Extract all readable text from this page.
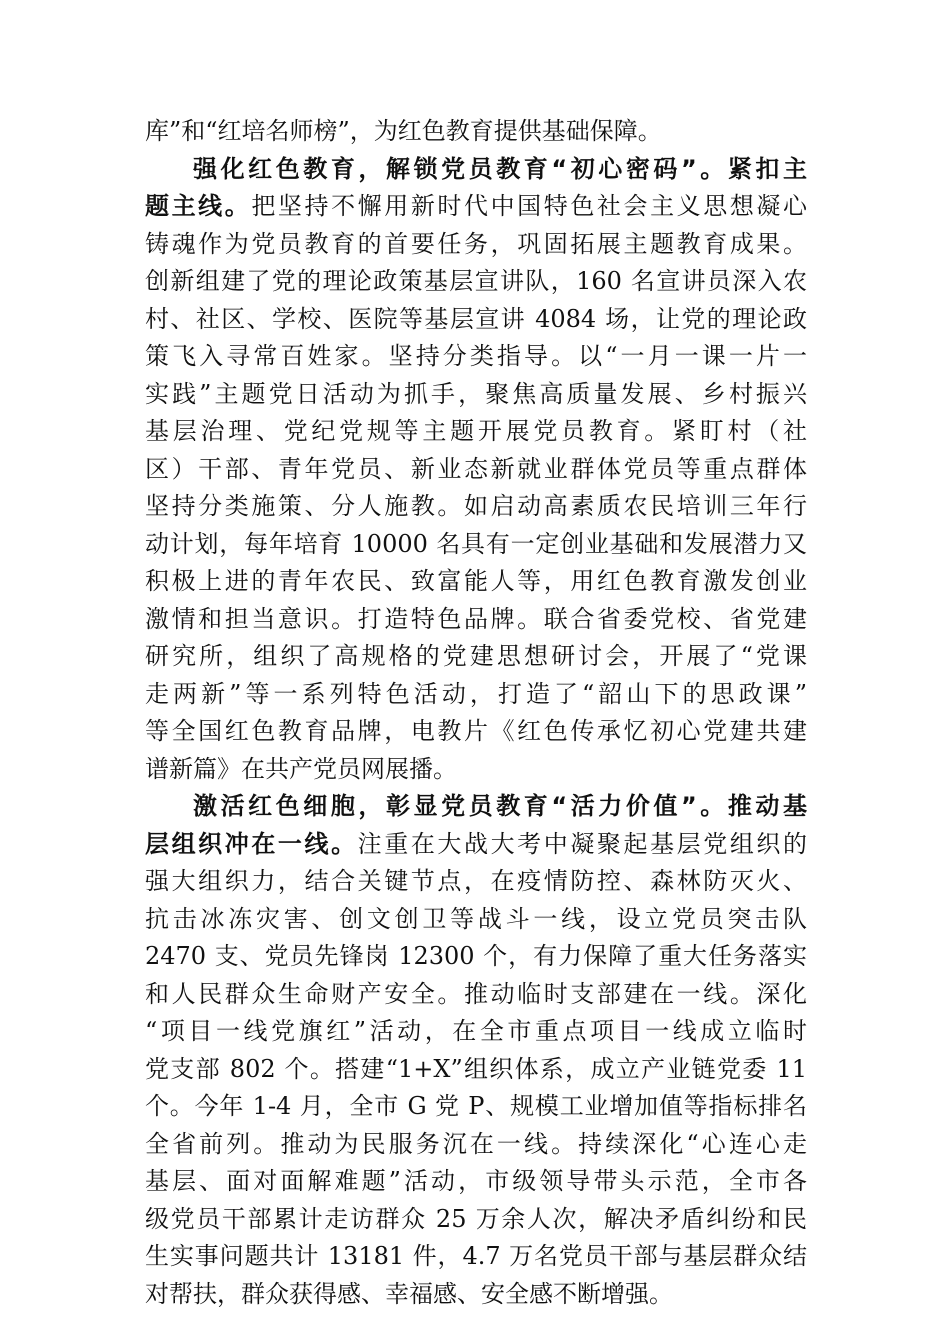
库”和“红培名师榜”，为红色教育提供基础保障。
强化红色教育，解锁党员教育“初心密码”。紧扣主
题主线。把坚持不懈用新时代中国特色社会主义思想凝心
铸魂作为党员教育的首要任务，巩固拓展主题教育成果。
创新组建了党的理论政策基层宣讲队，160 名宣讲员深入农
村、社区、学校、医院等基层宣讲 4084 场，让党的理论政
策飞入寻常百姓家。坚持分类指导。以“一月一课一片一
实践”主题党日活动为抓手，聚焦高质量发展、乡村振兴
基层治理、党纪党规等主题开展党员教育。紧盯村（社
区）干部、青年党员、新业态新就业群体党员等重点群体
坚持分类施策、分人施教。如启动高素质农民培训三年行
动计划，每年培育 10000 名具有一定创业基础和发展潜力又
积极上进的青年农民、致富能人等，用红色教育激发创业
激情和担当意识。打造特色品牌。联合省委党校、省党建
研究所，组织了高规格的党建思想研讨会，开展了“党课
走两新”等一系列特色活动，打造了“韶山下的思政课”
等全国红色教育品牌，电教片《红色传承忆初心党建共建
谱新篇》在共产党员网展播。
激活红色细胞，彰显党员教育“活力价值”。推动基
层组织冲在一线。注重在大战大考中凝聚起基层党组织的
强大组织力，结合关键节点，在疫情防控、森林防灭火、
抗击冰冻灾害、创文创卫等战斗一线，设立党员突击队
2470 支、党员先锋岗 12300 个，有力保障了重大任务落实
和人民群众生命财产安全。推动临时支部建在一线。深化
“项目一线党旗红”活动，在全市重点项目一线成立临时
党支部 802 个。搭建“1+X”组织体系，成立产业链党委 11
个。今年 1-4 月，全市 G 党 P、规模工业增加值等指标排名
全省前列。推动为民服务沉在一线。持续深化“心连心走
基层、面对面解难题”活动，市级领导带头示范，全市各
级党员干部累计走访群众 25 万余人次，解决矛盾纠纷和民
生实事问题共计 13181 件，4.7 万名党员干部与基层群众结
对帮扶，群众获得感、幸福感、安全感不断增强。
